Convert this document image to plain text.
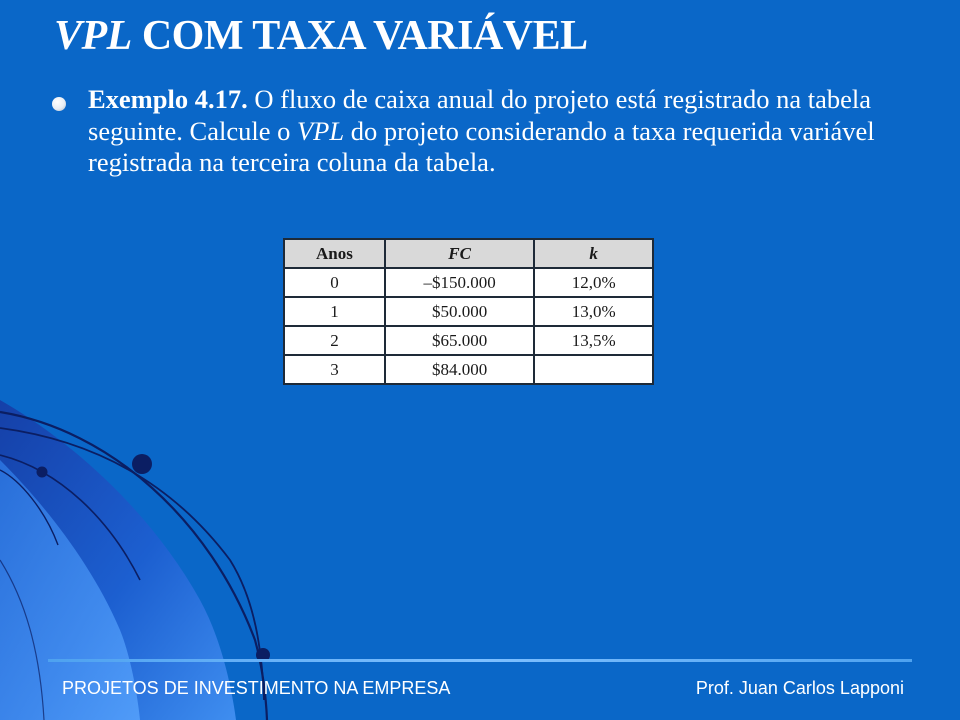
VPL COM TAXA VARIÁVEL
Exemplo 4.17. O fluxo de caixa anual do projeto está registrado na tabela seguinte. Calcule o VPL do projeto considerando a taxa requerida variável registrada na terceira coluna da tabela.
Anos	FC	k
0	–$150.000	12,0%
1	$50.000	13,0%
2	$65.000	13,5%
3	$84.000	
PROJETOS DE INVESTIMENTO NA EMPRESA	Prof. Juan Carlos Lapponi
